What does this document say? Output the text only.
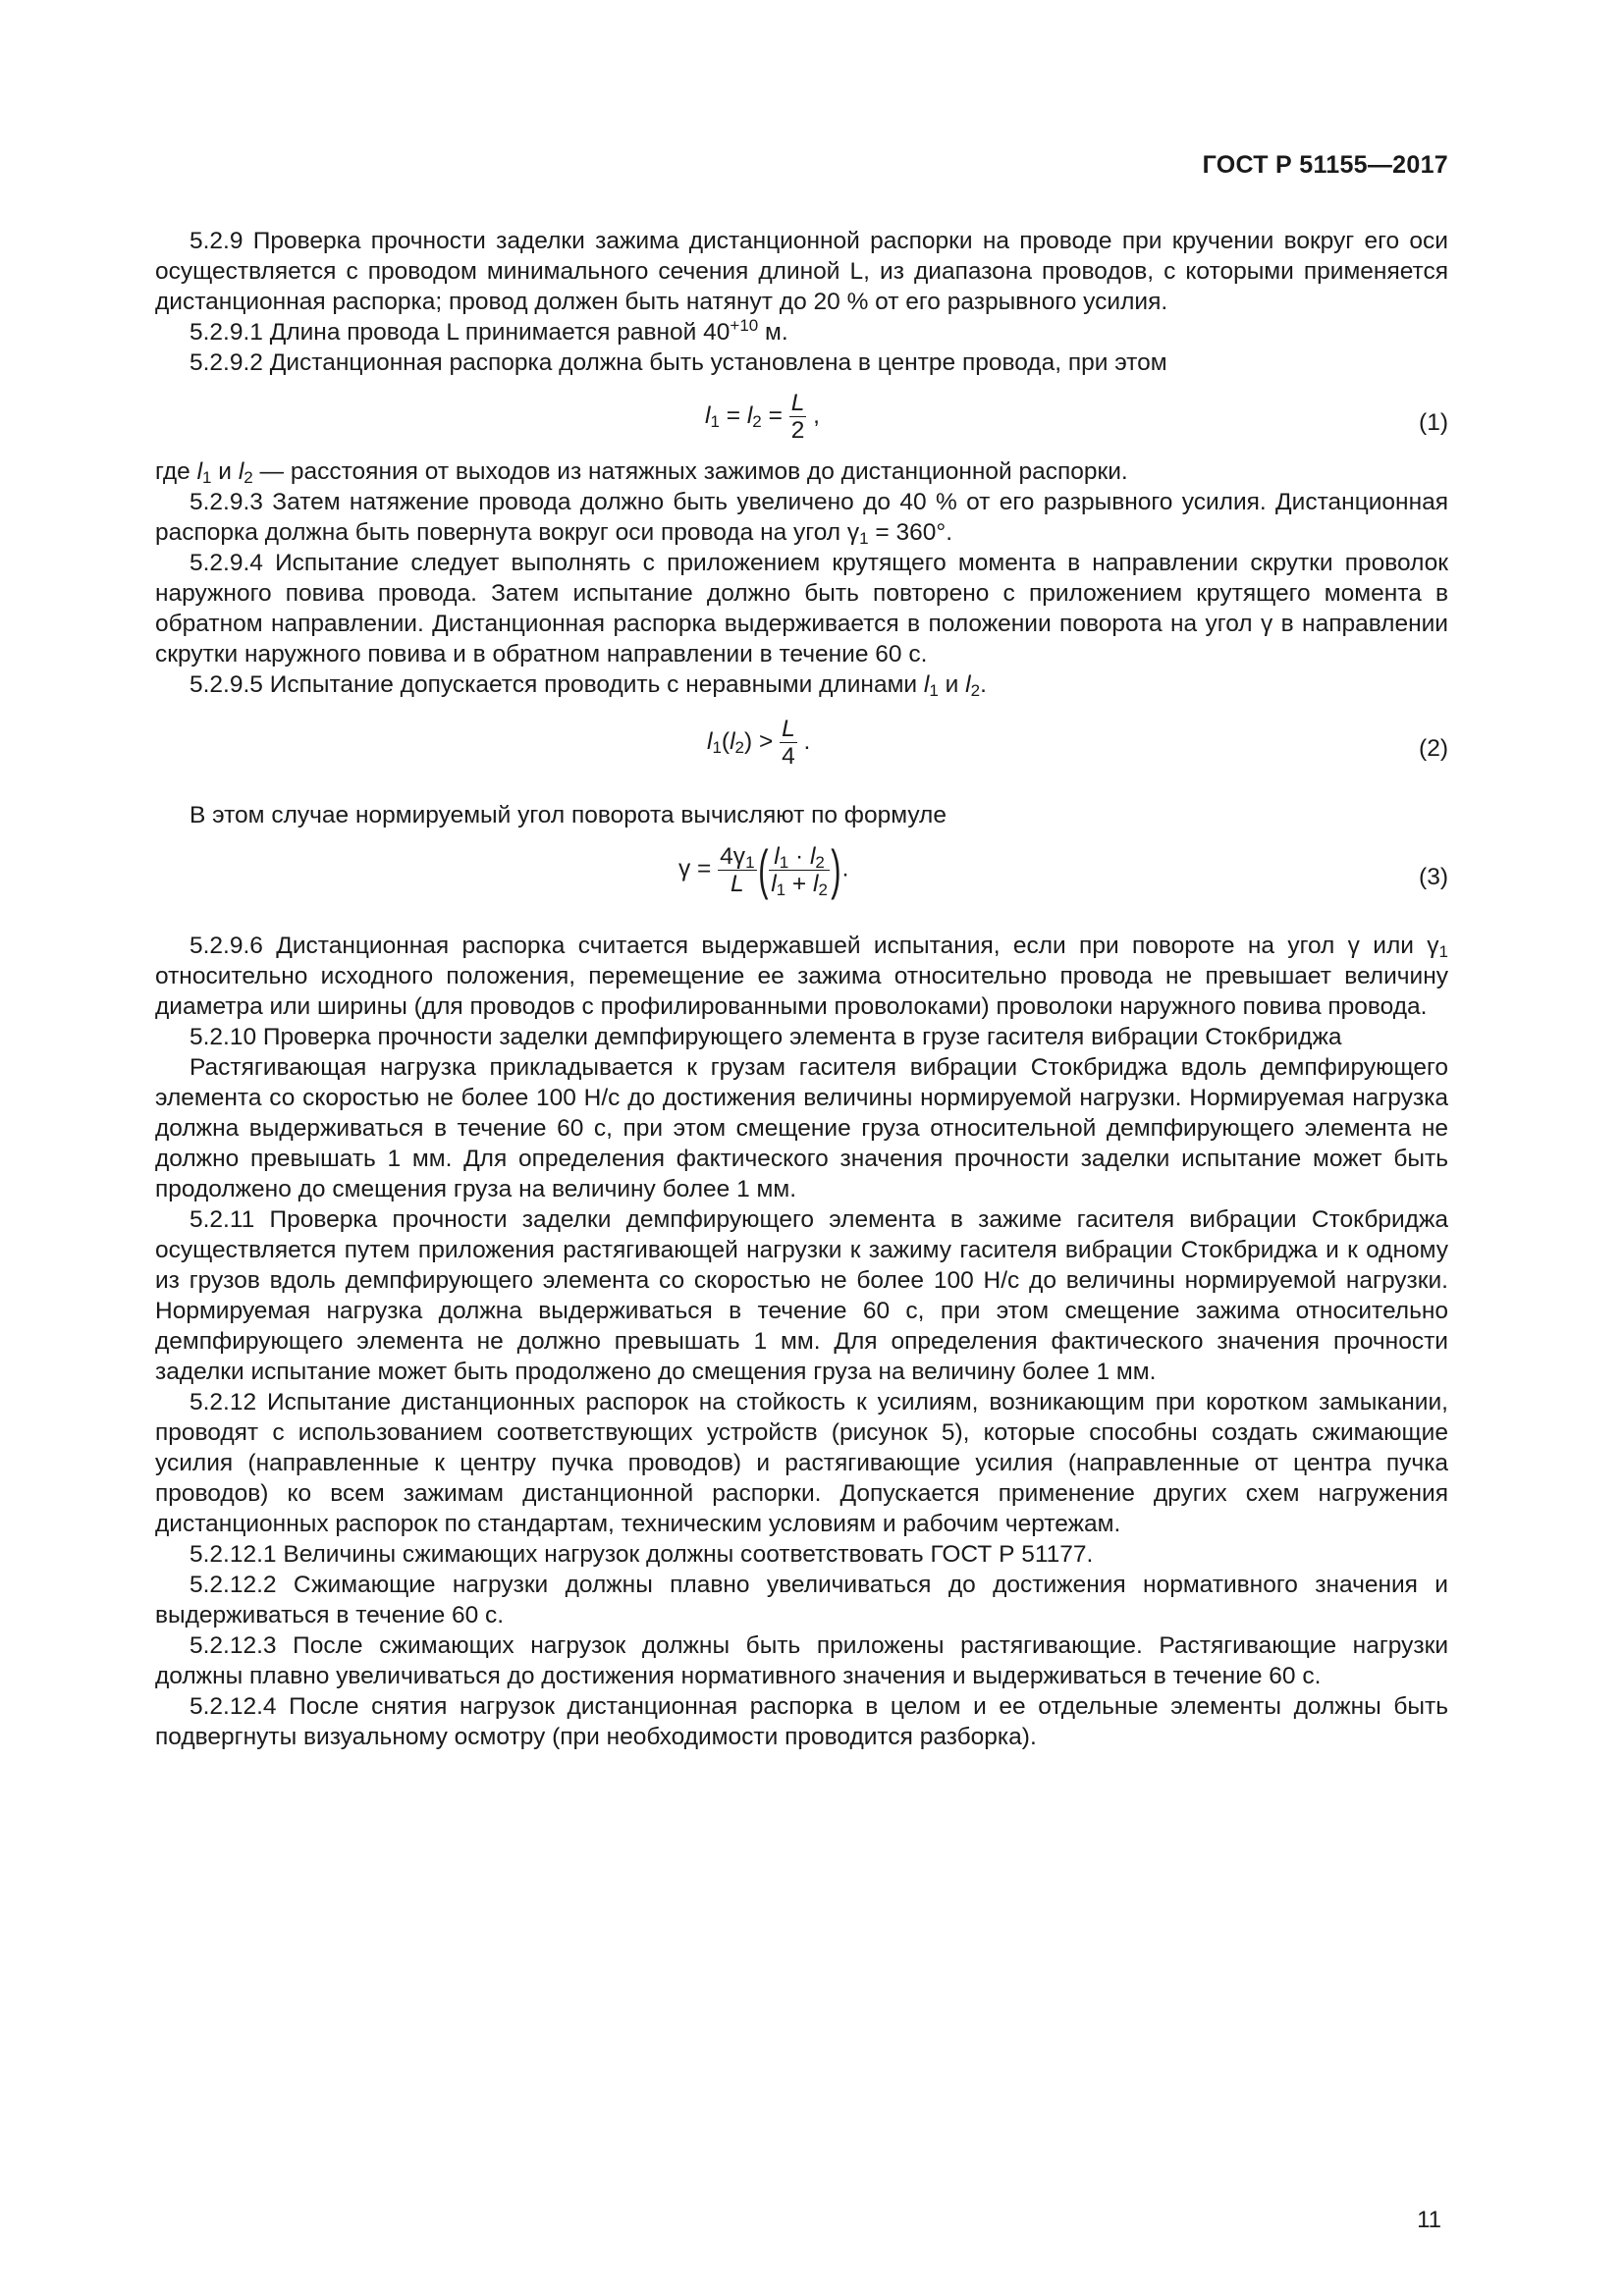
ГОСТ Р 51155—2017

5.2.9 Проверка прочности заделки зажима дистанционной распорки на проводе при кручении вокруг его оси осуществляется с проводом минимального сечения длиной L, из диапазона проводов, с которыми применяется дистанционная распорка; провод должен быть натянут до 20 % от его разрывного усилия.

5.2.9.1 Длина провода L принимается равной $40^{+10}$ м.

5.2.9.2 Дистанционная распорка должна быть установлена в центре провода, при этом

$l_1 = l_2 = \frac{L}{2}$ ,	(1)

где $l_1$ и $l_2$ — расстояния от выходов из натяжных зажимов до дистанционной распорки.

5.2.9.3 Затем натяжение провода должно быть увеличено до 40 % от его разрывного усилия. Дистанционная распорка должна быть повернута вокруг оси провода на угол $\gamma_1 = 360^\circ$.

5.2.9.4 Испытание следует выполнять с приложением крутящего момента в направлении скрутки проволок наружного повива провода. Затем испытание должно быть повторено с приложением крутящего момента в обратном направлении. Дистанционная распорка выдерживается в положении поворота на угол γ в направлении скрутки наружного повива и в обратном направлении в течение 60 с.

5.2.9.5 Испытание допускается проводить с неравными длинами $l_1$ и $l_2$.

$l_1(l_2) > \frac{L}{4}$ .	(2)

В этом случае нормируемый угол поворота вычисляют по формуле

$\gamma = \frac{4\gamma_1}{L}$ ( $\frac{l_1 \cdot l_2}{l_1 + l_2}$ ).	(3)

5.2.9.6 Дистанционная распорка считается выдержавшей испытания, если при повороте на угол γ или $\gamma_1$ относительно исходного положения, перемещение ее зажима относительно провода не превышает величину диаметра или ширины (для проводов с профилированными проволоками) проволоки наружного повива провода.

5.2.10 Проверка прочности заделки демпфирующего элемента в грузе гасителя вибрации Стокбриджа

Растягивающая нагрузка прикладывается к грузам гасителя вибрации Стокбриджа вдоль демпфирующего элемента со скоростью не более 100 Н/с до достижения величины нормируемой нагрузки. Нормируемая нагрузка должна выдерживаться в течение 60 с, при этом смещение груза относительной демпфирующего элемента не должно превышать 1 мм. Для определения фактического значения прочности заделки испытание может быть продолжено до смещения груза на величину более 1 мм.

5.2.11 Проверка прочности заделки демпфирующего элемента в зажиме гасителя вибрации Стокбриджа осуществляется путем приложения растягивающей нагрузки к зажиму гасителя вибрации Стокбриджа и к одному из грузов вдоль демпфирующего элемента со скоростью не более 100 Н/с до величины нормируемой нагрузки. Нормируемая нагрузка должна выдерживаться в течение 60 с, при этом смещение зажима относительно демпфирующего элемента не должно превышать 1 мм. Для определения фактического значения прочности заделки испытание может быть продолжено до смещения груза на величину более 1 мм.

5.2.12 Испытание дистанционных распорок на стойкость к усилиям, возникающим при коротком замыкании, проводят с использованием соответствующих устройств (рисунок 5), которые способны создать сжимающие усилия (направленные к центру пучка проводов) и растягивающие усилия (направленные от центра пучка проводов) ко всем зажимам дистанционной распорки. Допускается применение других схем нагружения дистанционных распорок по стандартам, техническим условиям и рабочим чертежам.

5.2.12.1 Величины сжимающих нагрузок должны соответствовать ГОСТ Р 51177.

5.2.12.2 Сжимающие нагрузки должны плавно увеличиваться до достижения нормативного значения и выдерживаться в течение 60 с.

5.2.12.3 После сжимающих нагрузок должны быть приложены растягивающие. Растягивающие нагрузки должны плавно увеличиваться до достижения нормативного значения и выдерживаться в течение 60 с.

5.2.12.4 После снятия нагрузок дистанционная распорка в целом и ее отдельные элементы должны быть подвергнуты визуальному осмотру (при необходимости проводится разборка).

11
